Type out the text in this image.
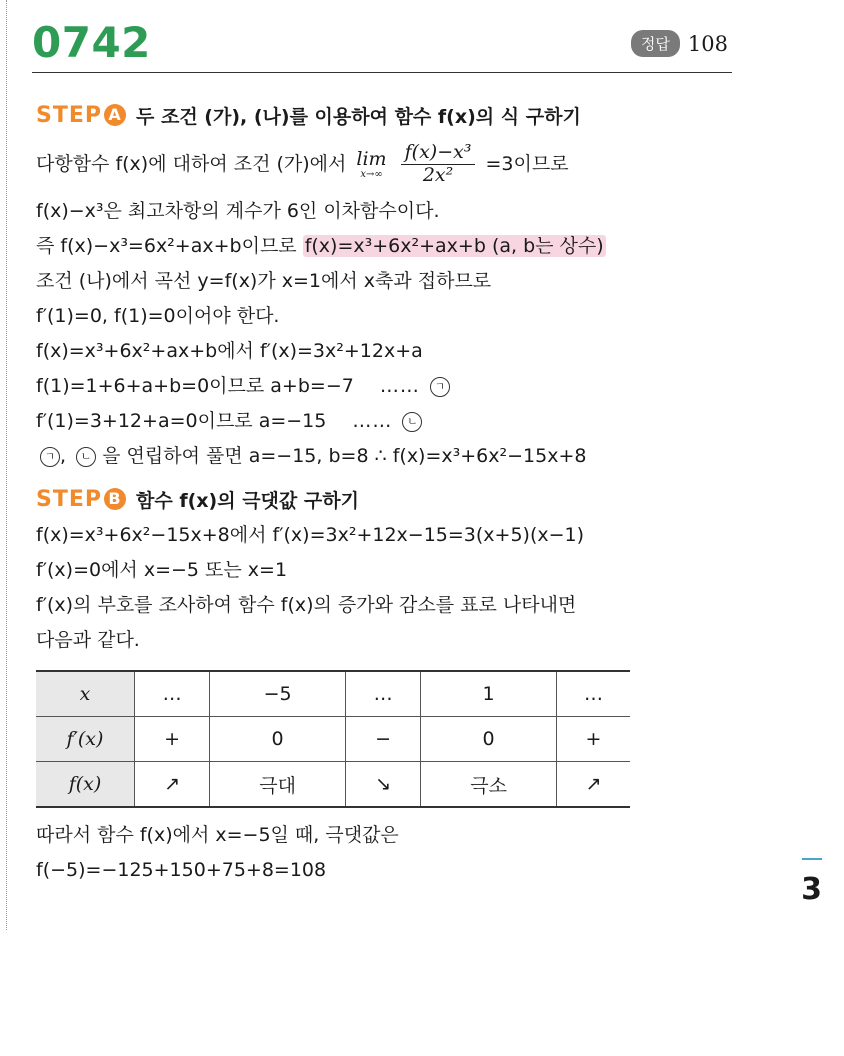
0742	정답 108
STEP A 두 조건 (가), (나)를 이용하여 함수 f(x)의 식 구하기
다항함수 f(x)에 대하여 조건 (가)에서 lim
x→∞
$\frac{\text{f(x)−x³}}{\text{2x²}} =3$이므로
f(x)−x³은 최고차항의 계수가 6인 이차함수이다.
즉 f(x)−x³=6x²+ax+b이므로 f(x)=x³+6x²+ax+b (a, b는 상수)
조건 (나)에서 곡선 y=f(x)가 x=1에서 x축과 접하므로
f′(1)=0, f(1)=0이어야 한다.
f(x)=x³+6x²+ax+b에서 f′(x)=3x²+12x+a
f(1)=1+6+a+b=0이므로 a+b=−7 …… ㄱ
f′(1)=3+12+a=0이므로 a=−15 …… ㄴ
ㄱ , ㄴ 을 연립하여 풀면 a=−15, b=8 ∴ f(x)=x³+6x²−15x+8
STEP B 함수 f(x)의 극댓값 구하기
f(x)=x³+6x²−15x+8에서 f′(x)=3x²+12x−15=3(x+5)(x−1)
f′(x)=0에서 x=−5 또는 x=1
f′(x)의 부호를 조사하여 함수 f(x)의 증가와 감소를 표로 나타내면
다음과 같다.
x	…	−5	…	1	…
f′(x)	+	0	−	0	+
f(x)	↗	극대	↘	극소	↗
따라서 함수 f(x)에서 x=−5일 때, 극댓값은
f(−5)=−125+150+75+8=108
3
